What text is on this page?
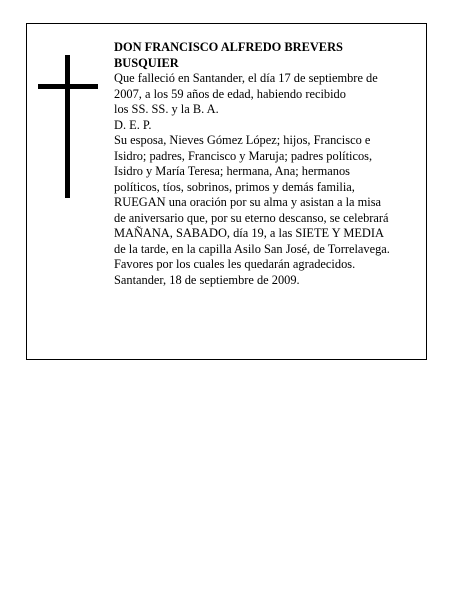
DON FRANCISCO ALFREDO BREVERS
BUSQUIER
Que falleció en Santander, el día 17 de septiembre de
2007, a los 59 años de edad, habiendo recibido
los SS. SS. y la B. A.
D. E. P.
Su esposa, Nieves Gómez López; hijos, Francisco e
Isidro; padres, Francisco y Maruja; padres políticos,
Isidro y María Teresa; hermana, Ana; hermanos
políticos, tíos, sobrinos, primos y demás familia,
RUEGAN una oración por su alma y asistan a la misa
de aniversario que, por su eterno descanso, se celebrará
MAÑANA, SABADO, día 19, a las SIETE Y MEDIA
de la tarde, en la capilla Asilo San José, de Torrelavega.
Favores por los cuales les quedarán agradecidos.
Santander, 18 de septiembre de 2009.
